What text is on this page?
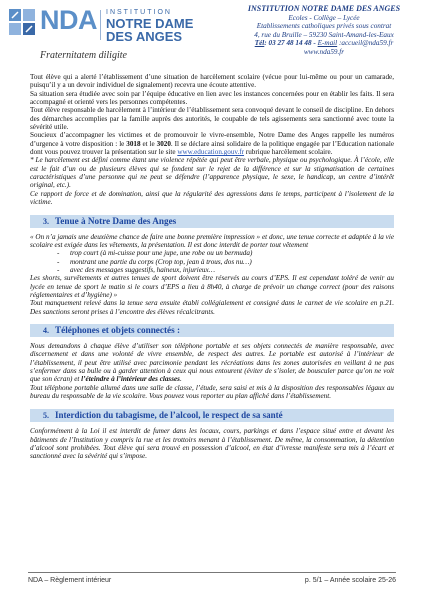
NDA INSTITUTION
NOTRE DAME
DES ANGES
Fraternitatem diligite
INSTITUTION NOTRE DAME DES ANGES
Ecoles - Collège – Lycée
Etablissements catholiques privés sous contrat
4, rue du Bruille – 59230 Saint-Amand-les-Eaux
Tél: 03 27 48 14 48 - E-mail :accueil@nda59.fr
www.nda59.fr

Tout élève qui a alerté l’établissement d’une situation de harcèlement scolaire (vécue pour lui-même ou pour un camarade, puisqu’il y a un devoir individuel de signalement) recevra une écoute attentive.

Sa situation sera étudiée avec soin par l’équipe éducative en lien avec les instances concernées pour en établir les faits. Il sera accompagné et orienté vers les personnes compétentes.

Tout élève responsable de harcèlement à l’intérieur de l’établissement sera convoqué devant le conseil de discipline. En dehors des démarches accomplies par la famille auprès des autorités, le coupable de tels agissements sera sanctionné avec toute la sévérité utile.

Soucieux d’accompagner les victimes et de promouvoir le vivre-ensemble, Notre Dame des Anges rappelle les numéros d’urgence à votre disposition : le 3018 et le 3020. Il se déclare ainsi solidaire de la politique engagée par l’Education nationale dont vous pouvez trouver la présentation sur le site www.education.gouv.fr rubrique harcèlement scolaire.

* Le harcèlement est défini comme étant une violence répétée qui peut être verbale, physique ou psychologique. À l’école, elle est le fait d’un ou de plusieurs élèves qui se fondent sur le rejet de la différence et sur la stigmatisation de certaines caractéristiques d’une personne qui ne peut se défendre (l’apparence physique, le sexe, le handicap, un centre d’intérêt original, etc.).

Ce rapport de force et de domination, ainsi que la régularité des agressions dans le temps, participent à l’isolement de la victime.

3. Tenue à Notre Dame des Anges

« On n’a jamais une deuxième chance de faire une bonne première impression » et donc, une tenue correcte et adaptée à la vie scolaire est exigée dans les vêtements, la présentation. Il est donc interdit de porter tout vêtement

- trop court (à mi-cuisse pour une jupe, une robe ou un bermuda)
- montrant une partie du corps (Crop top, jean à trous, dos nu…)
- avec des messages suggestifs, haineux, injurieux…

Les shorts, survêtements et autres tenues de sport doivent être réservés au cours d’EPS. Il est cependant toléré de venir au lycée en tenue de sport le matin si le cours d’EPS a lieu à 8h40, à charge de prévoir un change correct (pour des raisons réglementaires et d’hygiène) »

Tout manquement relevé dans la tenue sera ensuite établi collégialement et consigné dans le carnet de vie scolaire en p.21. Des sanctions seront prises à l’encontre des élèves récalcitrants.

4. Téléphones et objets connectés :

Nous demandons à chaque élève d’utiliser son téléphone portable et ses objets connectés de manière responsable, avec discernement et dans une volonté de vivre ensemble, de respect des autres. Le portable est autorisé à l’intérieur de l’établissement, il peut être utilisé avec parcimonie pendant les récréations dans les zones autorisées en veillant à ne pas s’enfermer dans sa bulle ou à garder attention à ceux qui nous entourent (éviter de s’isoler, de bousculer parce qu’on ne voit que son écran) et l’éteindre à l’intérieur des classes.

Tout téléphone portable allumé dans une salle de classe, l’étude, sera saisi et mis à la disposition des responsables légaux au bureau du responsable de la vie scolaire. Vous pouvez vous reporter au plan affiché dans l’établissement.

5. Interdiction du tabagisme, de l’alcool, le respect de sa santé

Conformément à la Loi il est interdit de fumer dans les locaux, cours, parkings et dans l’espace situé entre et devant les bâtiments de l’Institution y compris la rue et les trottoirs menant à l’établissement. De même, la consommation, la détention d’alcool sont prohibées. Tout élève qui sera trouvé en possession d’alcool, en état d’ivresse manifeste sera mis à l’écart et sanctionné avec la sévérité qui s’impose.

NDA – Règlement intérieur	p. 5/1 – Année scolaire 25-26
